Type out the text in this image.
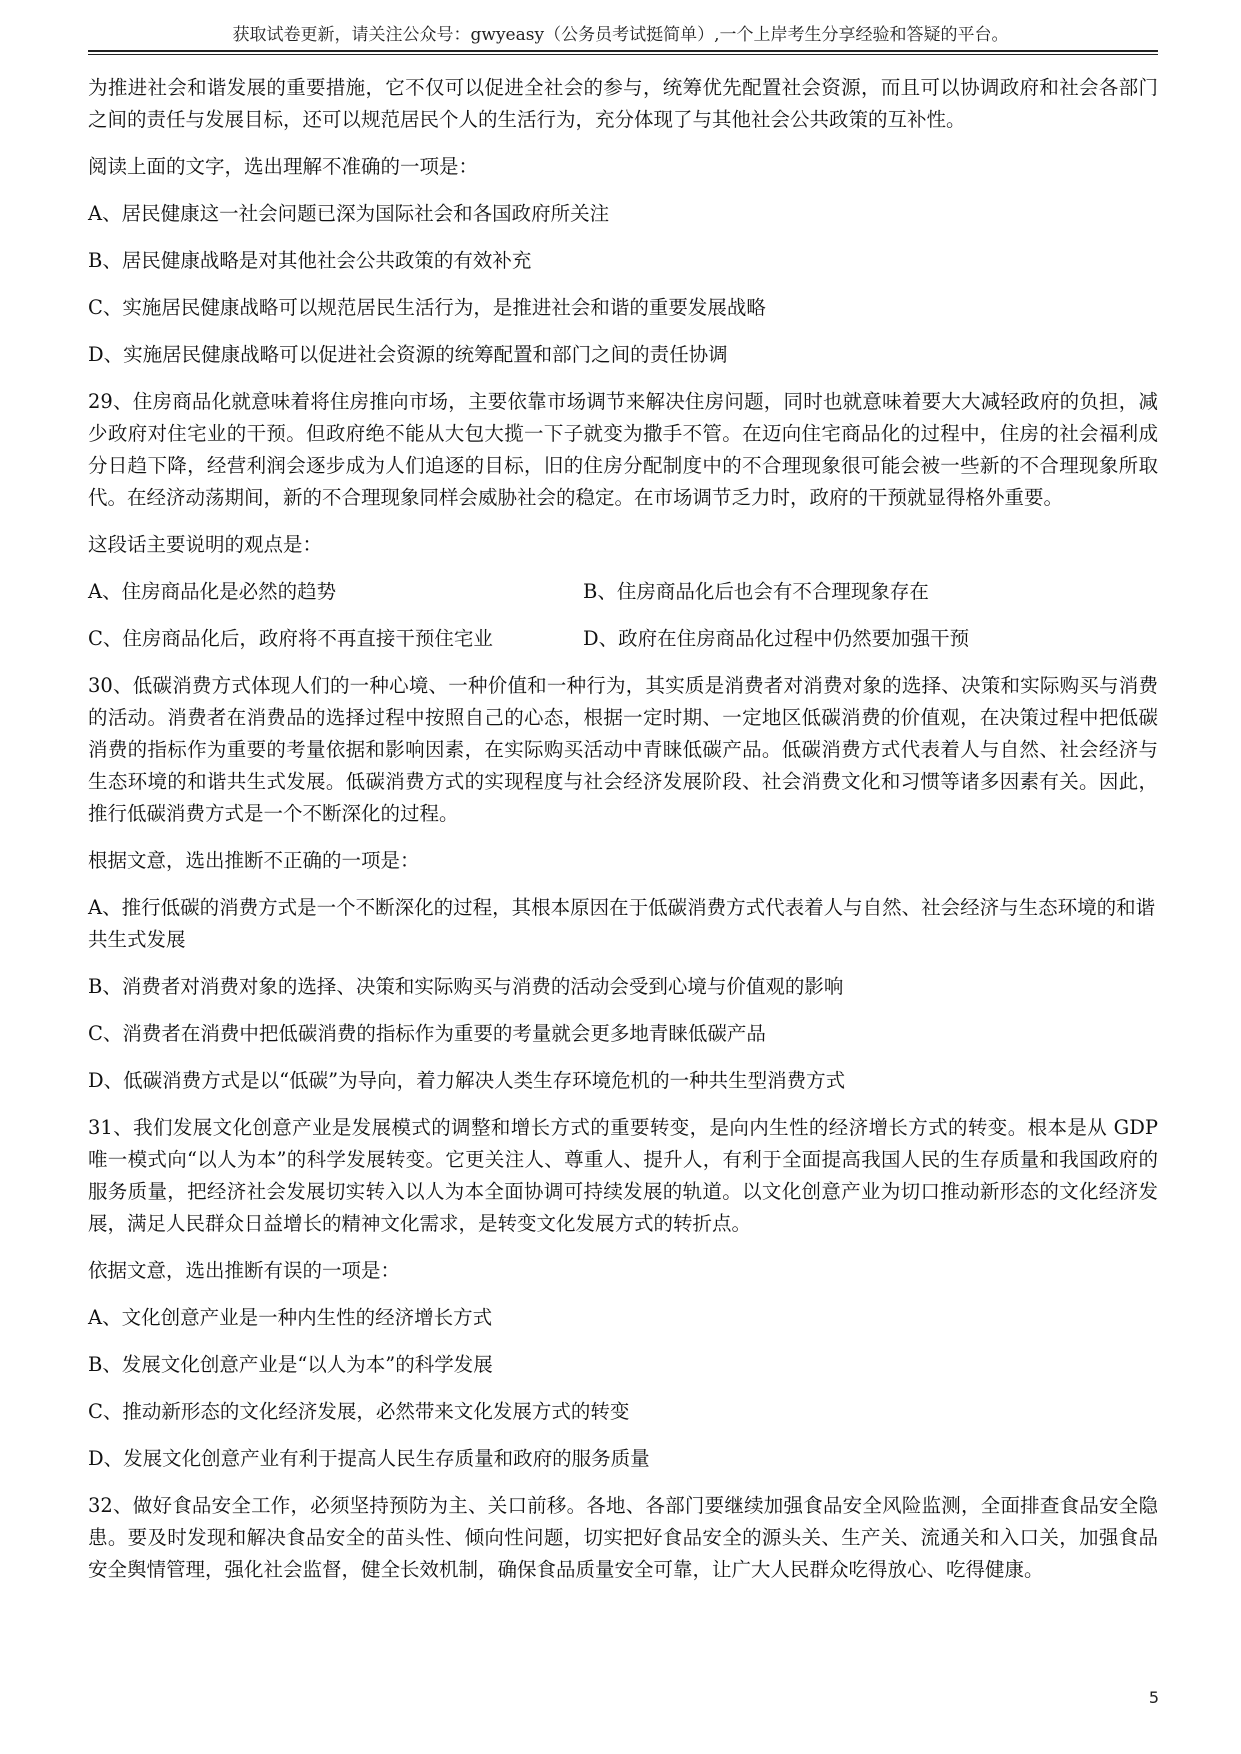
获取试卷更新，请关注公众号：gwyeasy（公务员考试挺简单）,一个上岸考生分享经验和答疑的平台。

为推进社会和谐发展的重要措施，它不仅可以促进全社会的参与，统筹优先配置社会资源，而且可以协调政府和社会各部门之间的责任与发展目标，还可以规范居民个人的生活行为，充分体现了与其他社会公共政策的互补性。

阅读上面的文字，选出理解不准确的一项是：

A、居民健康这一社会问题已深为国际社会和各国政府所关注

B、居民健康战略是对其他社会公共政策的有效补充

C、实施居民健康战略可以规范居民生活行为，是推进社会和谐的重要发展战略

D、实施居民健康战略可以促进社会资源的统筹配置和部门之间的责任协调

29、住房商品化就意味着将住房推向市场，主要依靠市场调节来解决住房问题，同时也就意味着要大大减轻政府的负担，减少政府对住宅业的干预。但政府绝不能从大包大揽一下子就变为撒手不管。在迈向住宅商品化的过程中，住房的社会福利成分日趋下降，经营利润会逐步成为人们追逐的目标，旧的住房分配制度中的不合理现象很可能会被一些新的不合理现象所取代。在经济动荡期间，新的不合理现象同样会威胁社会的稳定。在市场调节乏力时，政府的干预就显得格外重要。

这段话主要说明的观点是：

A、住房商品化是必然的趋势	B、住房商品化后也会有不合理现象存在
C、住房商品化后，政府将不再直接干预住宅业	D、政府在住房商品化过程中仍然要加强干预

30、低碳消费方式体现人们的一种心境、一种价值和一种行为，其实质是消费者对消费对象的选择、决策和实际购买与消费的活动。消费者在消费品的选择过程中按照自己的心态，根据一定时期、一定地区低碳消费的价值观，在决策过程中把低碳消费的指标作为重要的考量依据和影响因素，在实际购买活动中青睐低碳产品。低碳消费方式代表着人与自然、社会经济与生态环境的和谐共生式发展。低碳消费方式的实现程度与社会经济发展阶段、社会消费文化和习惯等诸多因素有关。因此，推行低碳消费方式是一个不断深化的过程。

根据文意，选出推断不正确的一项是：

A、推行低碳的消费方式是一个不断深化的过程，其根本原因在于低碳消费方式代表着人与自然、社会经济与生态环境的和谐共生式发展

B、消费者对消费对象的选择、决策和实际购买与消费的活动会受到心境与价值观的影响

C、消费者在消费中把低碳消费的指标作为重要的考量就会更多地青睐低碳产品

D、低碳消费方式是以“低碳”为导向，着力解决人类生存环境危机的一种共生型消费方式

31、我们发展文化创意产业是发展模式的调整和增长方式的重要转变，是向内生性的经济增长方式的转变。根本是从 GDP 唯一模式向“以人为本”的科学发展转变。它更关注人、尊重人、提升人，有利于全面提高我国人民的生存质量和我国政府的服务质量，把经济社会发展切实转入以人为本全面协调可持续发展的轨道。以文化创意产业为切口推动新形态的文化经济发展，满足人民群众日益增长的精神文化需求，是转变文化发展方式的转折点。

依据文意，选出推断有误的一项是：

A、文化创意产业是一种内生性的经济增长方式

B、发展文化创意产业是“以人为本”的科学发展

C、推动新形态的文化经济发展，必然带来文化发展方式的转变

D、发展文化创意产业有利于提高人民生存质量和政府的服务质量

32、做好食品安全工作，必须坚持预防为主、关口前移。各地、各部门要继续加强食品安全风险监测，全面排查食品安全隐患。要及时发现和解决食品安全的苗头性、倾向性问题，切实把好食品安全的源头关、生产关、流通关和入口关，加强食品安全舆情管理，强化社会监督，健全长效机制，确保食品质量安全可靠，让广大人民群众吃得放心、吃得健康。

5
